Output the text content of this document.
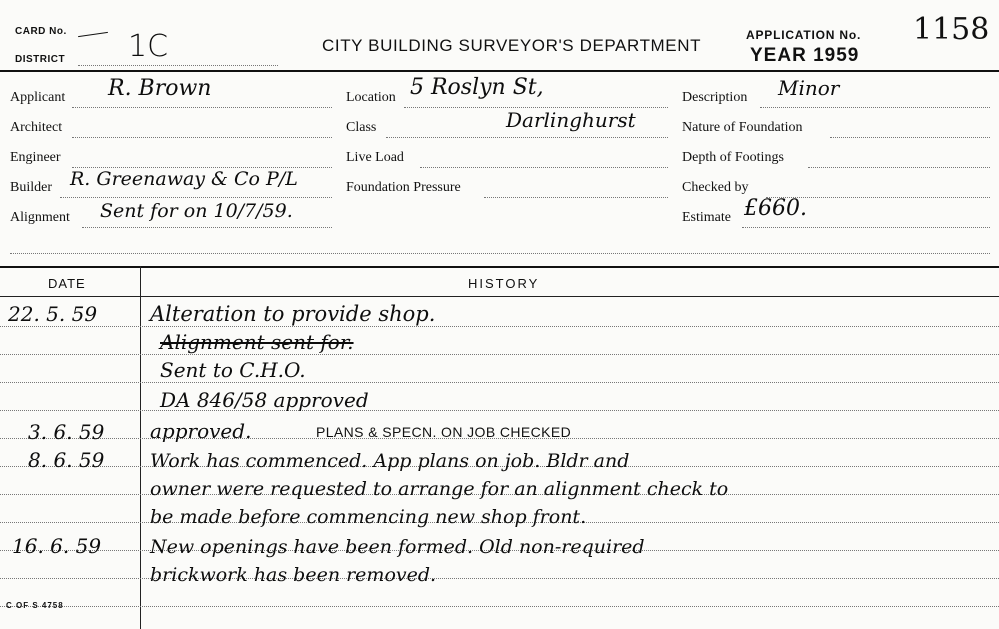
CARD No.
DISTRICT 1C	CITY BUILDING SURVEYOR'S DEPARTMENT
APPLICATION No. 1158
YEAR 1959
Applicant R. Brown
Architect
Engineer
Builder R. Greenaway & Co P/L
Alignment Sent for on 10/7/59.
Location 5 Roslyn St,
Class	Darlinghurst
Live Load
Foundation Pressure
Description Minor
Nature of Foundation
Depth of Footings
Checked by
Estimate £660.
DATE	HISTORY
22. 5. 59	Alteration to provide shop.
Alignment sent for.
Sent to C.H.O.
DA 846/58 approved
3. 6. 59 approved.	PLANS & SPECN. ON JOB CHECKED
8. 6. 59 Work has commenced. App plans on job. Bldr and
owner were requested to arrange for an alignment check to
be made before commencing new shop front.
16. 6. 59	New openings have been formed. Old non-required
brickwork has been removed.
C OF S 4758
